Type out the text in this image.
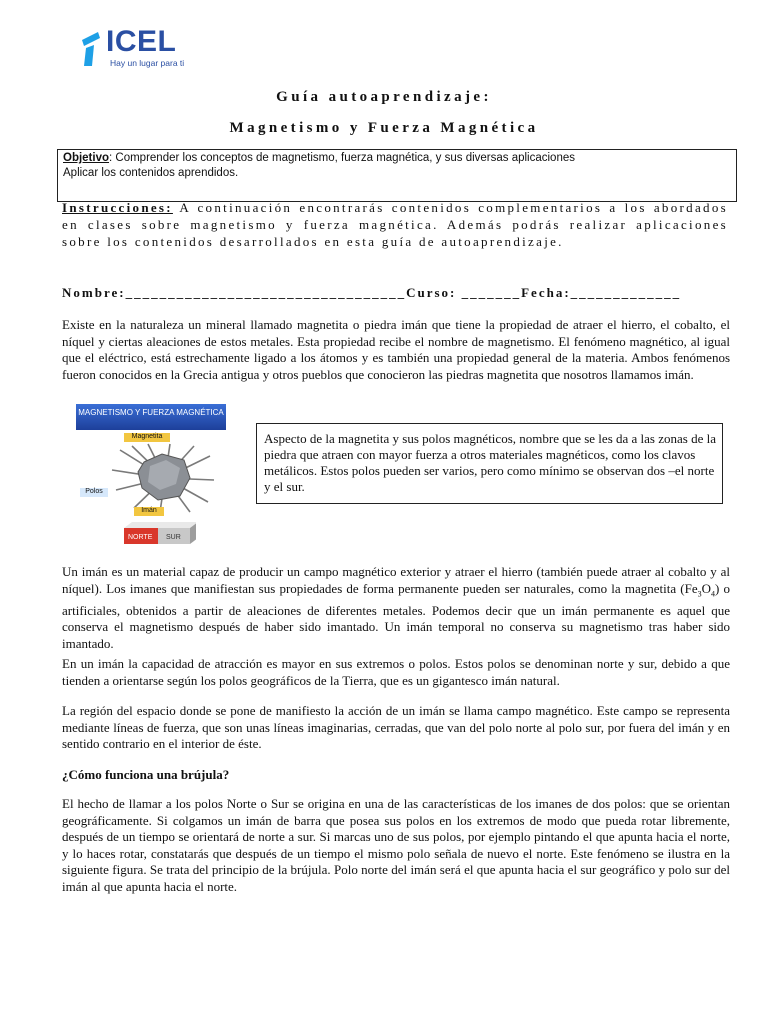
ICEL
Hay un lugar para ti
Guía autoaprendizaje:
Magnetismo y Fuerza Magnética
Objetivo: Comprender los conceptos de magnetismo, fuerza magnética, y sus diversas aplicaciones
Aplicar los contenidos aprendidos.
Instrucciones: A continuación encontrarás contenidos complementarios a los abordados en clases sobre magnetismo y fuerza magnética. Además podrás realizar aplicaciones sobre los contenidos desarrollados en esta guía de autoaprendizaje.
Nombre:_________________________________Curso: _______Fecha:_____________
Existe en la naturaleza un mineral llamado magnetita o piedra imán que tiene la propiedad de atraer el hierro, el cobalto, el níquel y ciertas aleaciones de estos metales. Esta propiedad recibe el nombre de magnetismo. El fenómeno magnético, al igual que el eléctrico, está estrechamente ligado a los átomos y es también una propiedad general de la materia. Ambos fenómenos fueron conocidos en la Grecia antigua y otros pueblos que conocieron las piedras magnetita que nosotros llamamos imán.
MAGNETISMO Y FUERZA MAGNÉTICA
Magnetita
Polos
Imán
NORTE SUR
Aspecto de la magnetita y sus polos magnéticos, nombre que se les da a las zonas de la piedra que atraen con mayor fuerza a otros materiales magnéticos, como los clavos metálicos. Estos polos pueden ser varios, pero como mínimo se observan dos –el norte y el sur.
Un imán es un material capaz de producir un campo magnético exterior y atraer el hierro (también puede atraer al cobalto y al níquel). Los imanes que manifiestan sus propiedades de forma permanente pueden ser naturales, como la magnetita $(Fe_3O_4)$ o artificiales, obtenidos a partir de aleaciones de diferentes metales. Podemos decir que un imán permanente es aquel que conserva el magnetismo después de haber sido imantado. Un imán temporal no conserva su magnetismo tras haber sido imantado.
En un imán la capacidad de atracción es mayor en sus extremos o polos. Estos polos se denominan norte y sur, debido a que tienden a orientarse según los polos geográficos de la Tierra, que es un gigantesco imán natural.
La región del espacio donde se pone de manifiesto la acción de un imán se llama campo magnético. Este campo se representa mediante líneas de fuerza, que son unas líneas imaginarias, cerradas, que van del polo norte al polo sur, por fuera del imán y en sentido contrario en el interior de éste.
¿Cómo funciona una brújula?
El hecho de llamar a los polos Norte o Sur se origina en una de las características de los imanes de dos polos: que se orientan geográficamente. Si colgamos un imán de barra que posea sus polos en los extremos de modo que pueda rotar libremente, después de un tiempo se orientará de norte a sur. Si marcas uno de sus polos, por ejemplo pintando el que apunta hacia el norte, y lo haces rotar, constatarás que después de un tiempo el mismo polo señala de nuevo el norte. Este fenómeno se ilustra en la siguiente figura. Se trata del principio de la brújula. Polo norte del imán será el que apunta hacia el sur geográfico y polo sur del imán al que apunta hacia el norte.
